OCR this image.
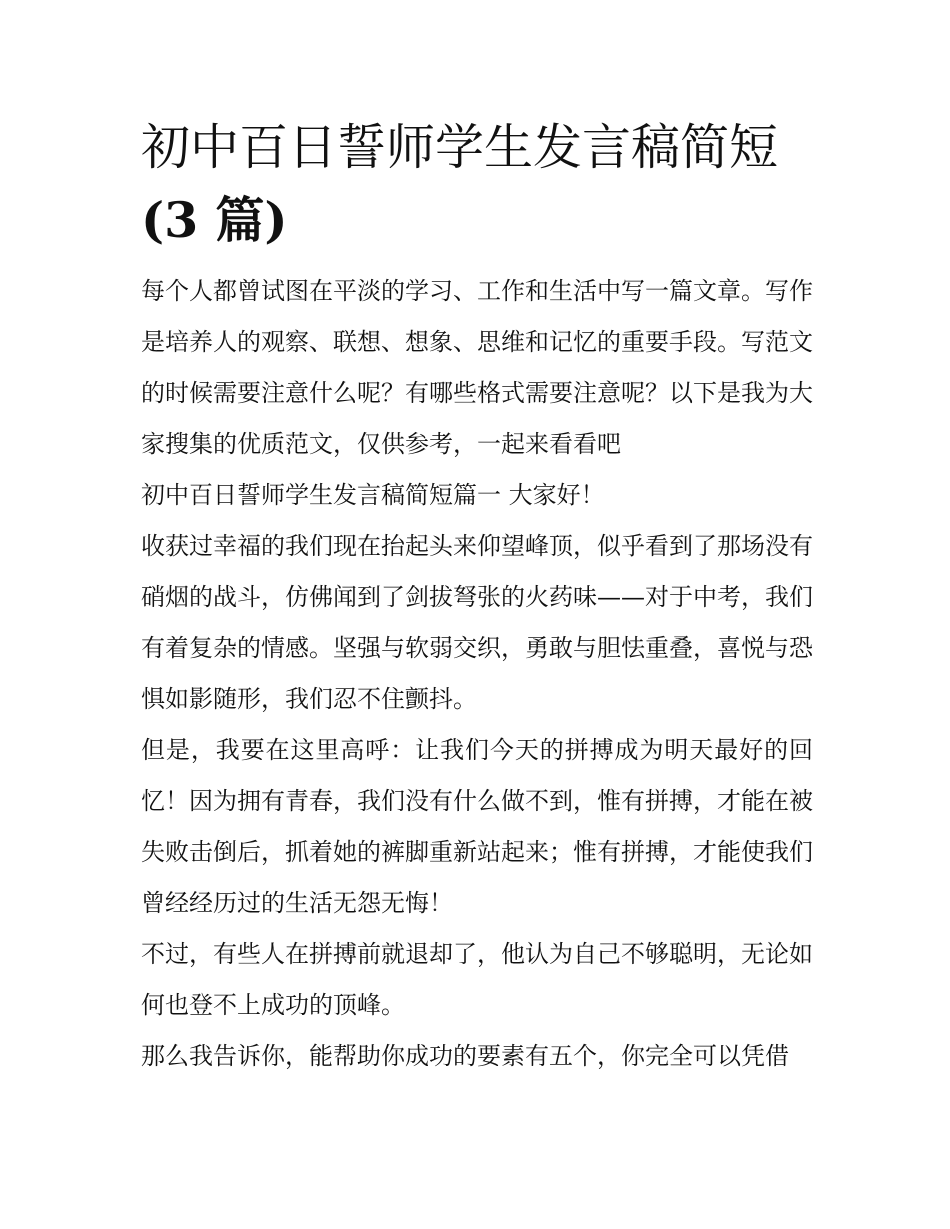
初中百日誓师学生发言稿简短
(3 篇)

每个人都曾试图在平淡的学习、工作和生活中写一篇文章。写作是培养人的观察、联想、想象、思维和记忆的重要手段。写范文的时候需要注意什么呢？有哪些格式需要注意呢？以下是我为大家搜集的优质范文，仅供参考，一起来看看吧

初中百日誓师学生发言稿简短篇一 大家好！

收获过幸福的我们现在抬起头来仰望峰顶，似乎看到了那场没有硝烟的战斗，仿佛闻到了剑拔弩张的火药味——对于中考，我们有着复杂的情感。坚强与软弱交织，勇敢与胆怯重叠，喜悦与恐惧如影随形，我们忍不住颤抖。

但是，我要在这里高呼：让我们今天的拼搏成为明天最好的回忆！因为拥有青春，我们没有什么做不到，惟有拼搏，才能在被失败击倒后，抓着她的裤脚重新站起来；惟有拼搏，才能使我们曾经经历过的生活无怨无悔！

不过，有些人在拼搏前就退却了，他认为自己不够聪明，无论如何也登不上成功的顶峰。

那么我告诉你，能帮助你成功的要素有五个，你完全可以凭借
